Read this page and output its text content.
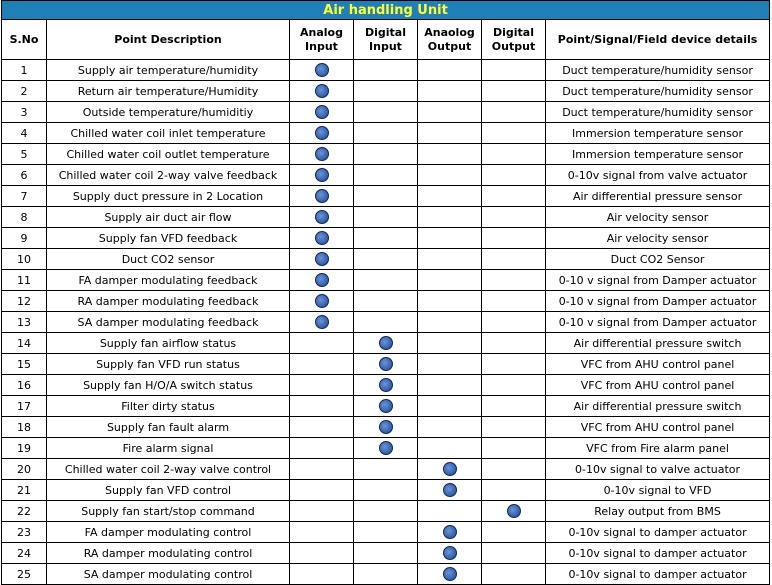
Air handling Unit						
S.No	Point Description	Analog Input	Digital Input	Anaolog Output	Digital Output	Point/Signal/Field device details
1	Supply air temperature/humidity					Duct temperature/humidity sensor
2	Return air temperature/Humidity					Duct temperature/humidity sensor
3	Outside temperature/humiditiy					Duct temperature/humidity sensor
4	Chilled water coil inlet temperature					Immersion temperature sensor
5	Chilled water coil outlet temperature					Immersion temperature sensor
6	Chilled water coil 2-way valve feedback					0-10v signal from valve actuator
7	Supply duct pressure in 2 Location					Air differential pressure sensor
8	Supply air duct air flow					Air velocity sensor
9	Supply fan VFD feedback					Air velocity sensor
10	Duct CO2 sensor					Duct CO2 Sensor
11	FA damper modulating feedback					0-10 v signal from Damper actuator
12	RA damper modulating feedback					0-10 v signal from Damper actuator
13	SA damper modulating feedback					0-10 v signal from Damper actuator
14	Supply fan airflow status					Air differential pressure switch
15	Supply fan VFD run status					VFC from AHU control panel
16	Supply fan H/O/A switch status					VFC from AHU control panel
17	Filter dirty status					Air differential pressure switch
18	Supply fan fault alarm					VFC from AHU control panel
19	Fire alarm signal					VFC from Fire alarm panel
20	Chilled water coil 2-way valve control					0-10v signal to valve actuator
21	Supply fan VFD control					0-10v signal to VFD
22	Supply fan start/stop command					Relay output from BMS
23	FA damper modulating control					0-10v signal to damper actuator
24	RA damper modulating control					0-10v signal to damper actuator
25	SA damper modulating control					0-10v signal to damper actuator
